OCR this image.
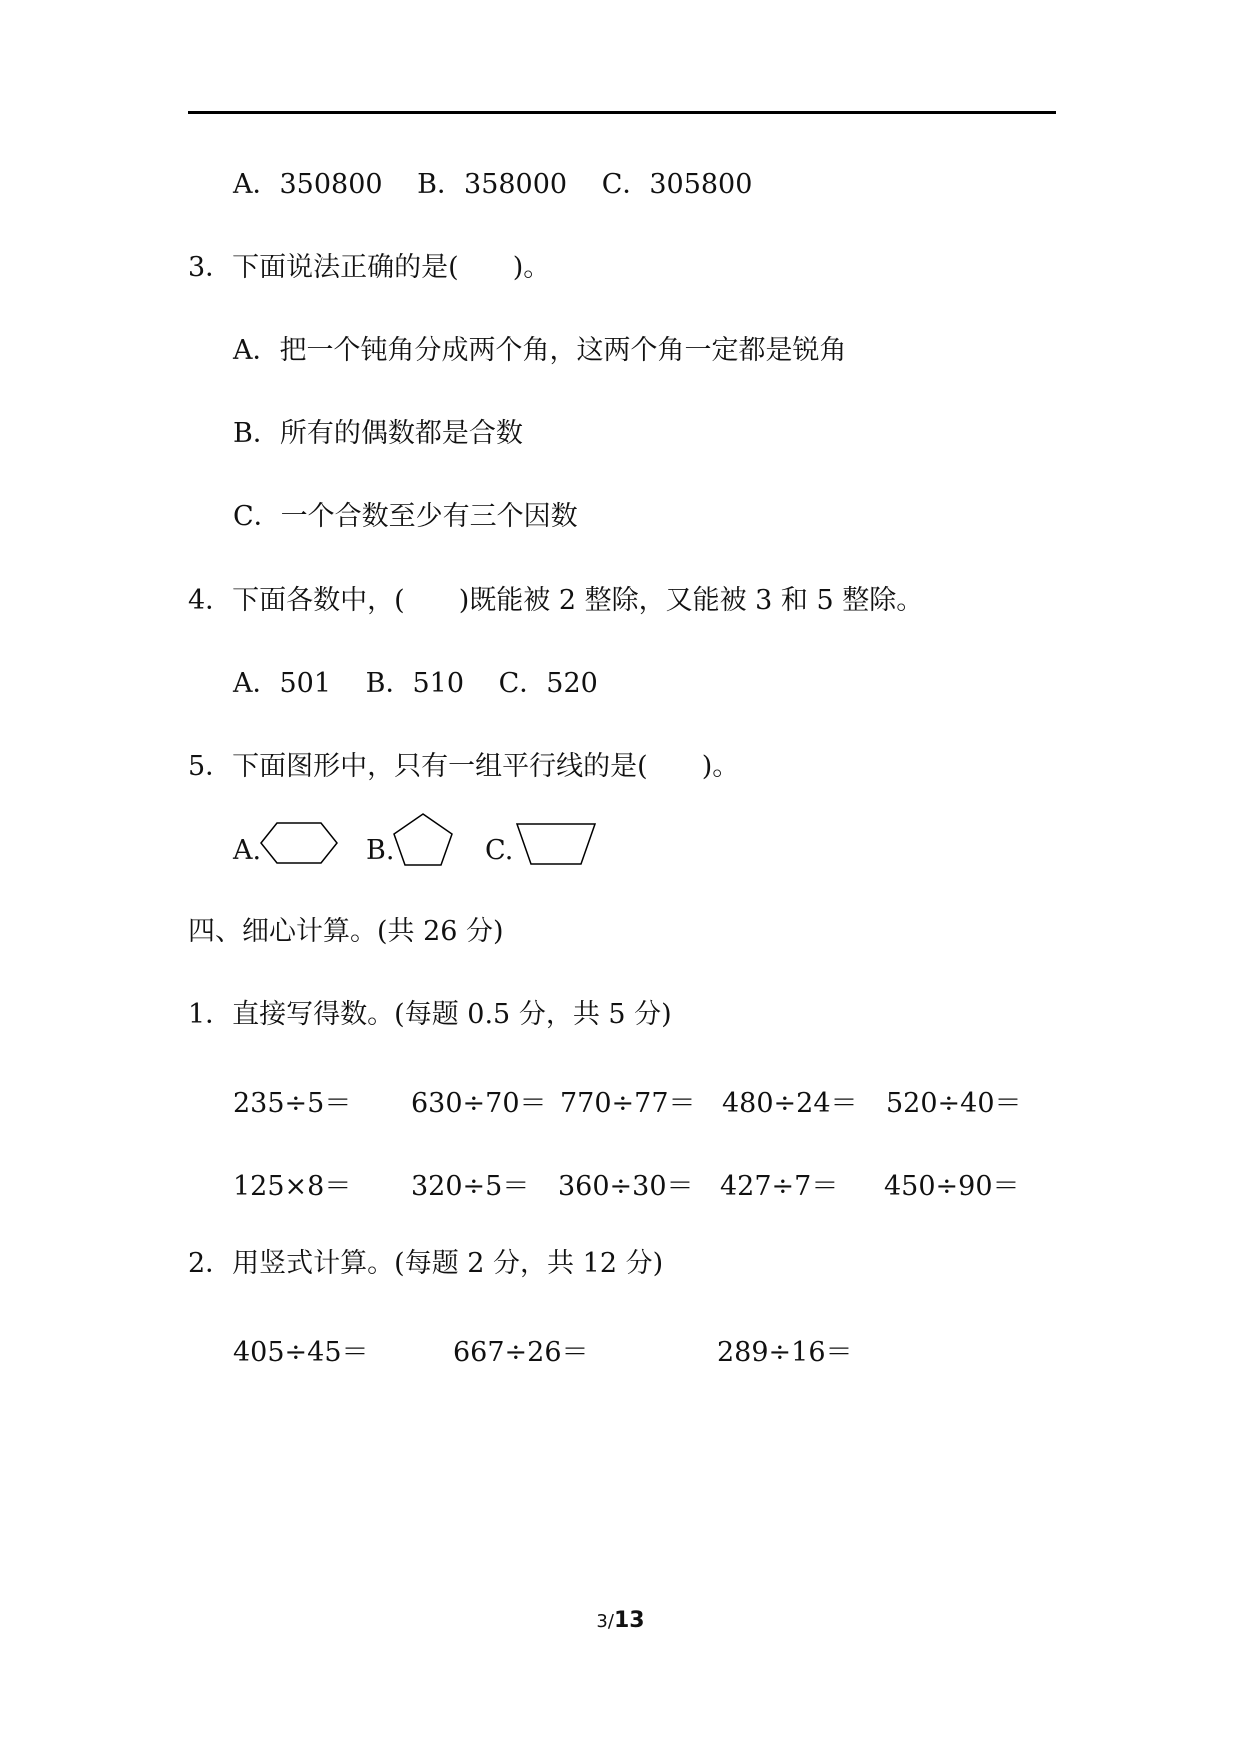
A．350800 B．358000 C．305800
3．下面说法正确的是(　　)。
A．把一个钝角分成两个角，这两个角一定都是锐角
B．所有的偶数都是合数
C．一个合数至少有三个因数
4．下面各数中，(　　)既能被 2 整除，又能被 3 和 5 整除。
A．501 B．510 C．520
5．下面图形中，只有一组平行线的是(　　)。
A.	B.	C.
四、细心计算。(共 26 分)
1．直接写得数。(每题 0.5 分，共 5 分)
235÷5＝ 630÷70＝ 770÷77＝ 480÷24＝ 520÷40＝
125×8＝ 320÷5＝ 360÷30＝ 427÷7＝ 450÷90＝
2．用竖式计算。(每题 2 分，共 12 分)
405÷45＝	667÷26＝	289÷16＝
3/13
